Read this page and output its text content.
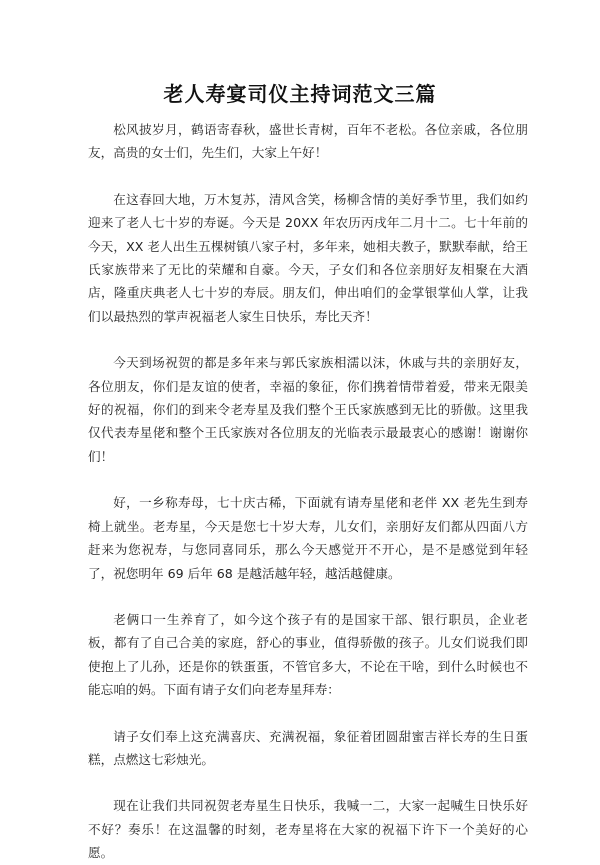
老人寿宴司仪主持词范文三篇

松风披岁月，鹤语寄春秋，盛世长青树，百年不老松。各位亲戚，各位朋友，高贵的女士们，先生们，大家上午好！

在这春回大地，万木复苏，清风含笑，杨柳含情的美好季节里，我们如约迎来了老人七十岁的寿诞。今天是 20XX 年农历丙戌年二月十二。七十年前的今天，XX 老人出生五棵树镇八家子村，多年来，她相夫教子，默默奉献，给王氏家族带来了无比的荣耀和自豪。今天，子女们和各位亲朋好友相聚在大酒店，隆重庆典老人七十岁的寿辰。朋友们，伸出咱们的金掌银掌仙人掌，让我们以最热烈的掌声祝福老人家生日快乐，寿比天齐！

今天到场祝贺的都是多年来与郭氏家族相濡以沫，休戚与共的亲朋好友，各位朋友，你们是友谊的使者，幸福的象征，你们携着情带着爱，带来无限美好的祝福，你们的到来令老寿星及我们整个王氏家族感到无比的骄傲。这里我仅代表寿星佬和整个王氏家族对各位朋友的光临表示最最衷心的感谢！谢谢你们！

好，一乡称寿母，七十庆古稀，下面就有请寿星佬和老伴 XX 老先生到寿椅上就坐。老寿星，今天是您七十岁大寿，儿女们，亲朋好友们都从四面八方赶来为您祝寿，与您同喜同乐，那么今天感觉开不开心，是不是感觉到年轻了，祝您明年 69 后年 68 是越活越年轻，越活越健康。

老俩口一生养育了，如今这个孩子有的是国家干部、银行职员，企业老板，都有了自己合美的家庭，舒心的事业，值得骄傲的孩子。儿女们说我们即使抱上了儿孙，还是你的铁蛋蛋，不管官多大，不论在干啥，到什么时候也不能忘咱的妈。下面有请子女们向老寿星拜寿：

请子女们奉上这充满喜庆、充满祝福，象征着团圆甜蜜吉祥长寿的生日蛋糕，点燃这七彩烛光。

现在让我们共同祝贺老寿星生日快乐，我喊一二，大家一起喊生日快乐好不好？奏乐！在这温馨的时刻，老寿星将在大家的祝福下许下一个美好的心愿。
